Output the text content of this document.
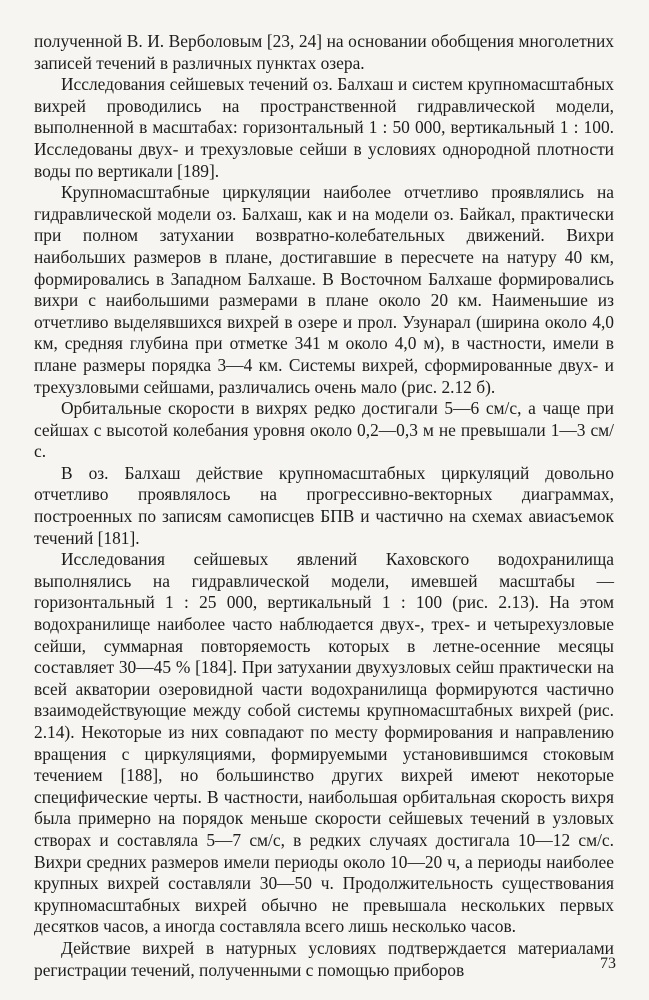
полученной В. И. Верболовым [23, 24] на основании обобщения многолетних записей течений в различных пунктах озера.

Исследования сейшевых течений оз. Балхаш и систем крупномасштабных вихрей проводились на пространственной гидравлической модели, выполненной в масштабах: горизонтальный 1 : 50 000, вертикальный 1 : 100. Исследованы двух- и трехузловые сейши в условиях однородной плотности воды по вертикали [189].

Крупномасштабные циркуляции наиболее отчетливо проявлялись на гидравлической модели оз. Балхаш, как и на модели оз. Байкал, практически при полном затухании возвратно-колебательных движений. Вихри наибольших размеров в плане, достигавшие в пересчете на натуру 40 км, формировались в Западном Балхаше. В Восточном Балхаше формировались вихри с наибольшими размерами в плане около 20 км. Наименьшие из отчетливо выделявшихся вихрей в озере и прол. Узунарал (ширина около 4,0 км, средняя глубина при отметке 341 м около 4,0 м), в частности, имели в плане размеры порядка 3—4 км. Системы вихрей, сформированные двух- и трехузловыми сейшами, различались очень мало (рис. 2.12 б).

Орбитальные скорости в вихрях редко достигали 5—6 см/с, а чаще при сейшах с высотой колебания уровня около 0,2—0,3 м не превышали 1—3 см/с.

В оз. Балхаш действие крупномасштабных циркуляций довольно отчетливо проявлялось на прогрессивно-векторных диаграммах, построенных по записям самописцев БПВ и частично на схемах авиасъемок течений [181].

Исследования сейшевых явлений Каховского водохранилища выполнялись на гидравлической модели, имевшей масштабы — горизонтальный 1 : 25 000, вертикальный 1 : 100 (рис. 2.13). На этом водохранилище наиболее часто наблюдается двух-, трех- и четырехузловые сейши, суммарная повторяемость которых в летне-осенние месяцы составляет 30—45 % [184]. При затухании двухузловых сейш практически на всей акватории озеровидной части водохранилища формируются частично взаимодействующие между собой системы крупномасштабных вихрей (рис. 2.14). Некоторые из них совпадают по месту формирования и направлению вращения с циркуляциями, формируемыми установившимся стоковым течением [188], но большинство других вихрей имеют некоторые специфические черты. В частности, наибольшая орбитальная скорость вихря была примерно на порядок меньше скорости сейшевых течений в узловых створах и составляла 5—7 см/с, в редких случаях достигала 10—12 см/с. Вихри средних размеров имели периоды около 10—20 ч, а периоды наиболее крупных вихрей составляли 30—50 ч. Продолжительность существования крупномасштабных вихрей обычно не превышала нескольких первых десятков часов, а иногда составляла всего лишь несколько часов.

Действие вихрей в натурных условиях подтверждается материалами регистрации течений, полученными с помощью приборов	73
